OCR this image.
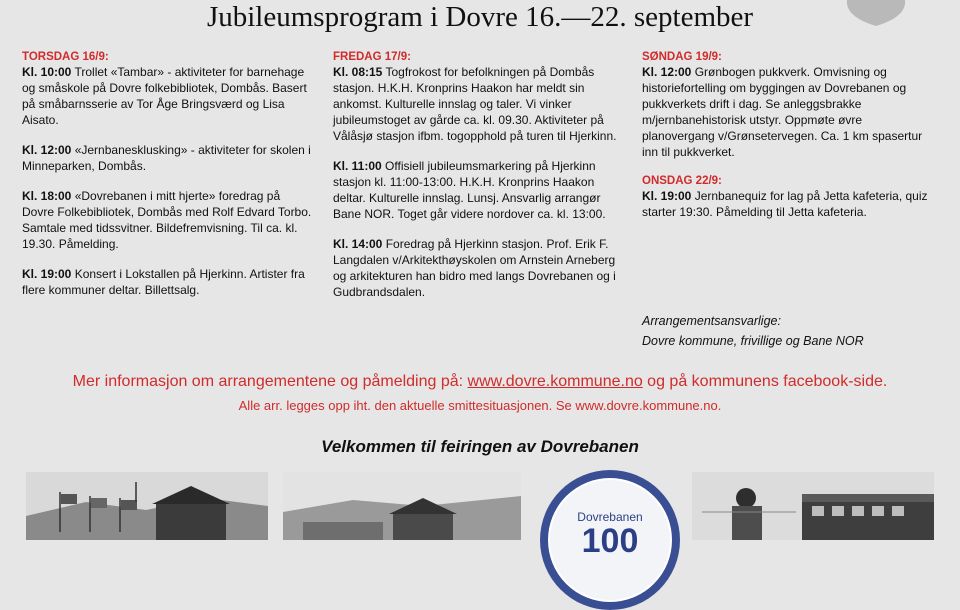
Jubileumsprogram i Dovre 16.—22. september
TORSDAG 16/9:
Kl. 10:00 Trollet «Tambar» - aktiviteter for barnehage og småskole på Dovre folkebibliotek, Dombås. Basert på småbarnsserie av Tor Åge Bringsværd og Lisa Aisato.
Kl. 12:00 «Jernbanesklusking» - aktiviteter for skolen i Minneparken, Dombås.
Kl. 18:00 «Dovrebanen i mitt hjerte» foredrag på Dovre Folkebibliotek, Dombås med Rolf Edvard Torbo. Samtale med tidssvitner. Bildefremvisning. Til ca. kl. 19.30. Påmelding.
Kl. 19:00 Konsert i Lokstallen på Hjerkinn. Artister fra flere kommuner deltar. Billettsalg.
FREDAG 17/9:
Kl. 08:15 Togfrokost for befolkningen på Dombås stasjon. H.K.H. Kronprins Haakon har meldt sin ankomst. Kulturelle innslag og taler. Vi vinker jubileumstoget av gårde ca. kl. 09.30. Aktiviteter på Vålåsjø stasjon ifbm. togopphold på turen til Hjerkinn.
Kl. 11:00 Offisiell jubileumsmarkering på Hjerkinn stasjon kl. 11:00-13:00. H.K.H. Kronprins Haakon deltar. Kulturelle innslag. Lunsj. Ansvarlig arrangør Bane NOR. Toget går videre nordover ca. kl. 13:00.
Kl. 14:00 Foredrag på Hjerkinn stasjon. Prof. Erik F. Langdalen v/Arkitekthøyskolen om Arnstein Arneberg og arkitekturen han bidro med langs Dovrebanen og i Gudbrandsdalen.
SØNDAG 19/9:
Kl. 12:00 Grønbogen pukkverk. Omvisning og historiefortelling om byggingen av Dovrebanen og pukkverkets drift i dag. Se anleggsbrakke m/jernbanehistorisk utstyr. Oppmøte øvre planovergang v/Grønsetervegen. Ca. 1 km spasertur inn til pukkverket.
ONSDAG 22/9:
Kl. 19:00 Jernbanequiz for lag på Jetta kafeteria, quiz starter 19:30. Påmelding til Jetta kafeteria.
Arrangementsansvarlige:
Dovre kommune, frivillige og Bane NOR
Mer informasjon om arrangementene og påmelding på: www.dovre.kommune.no og på kommunens facebook-side.
Alle arr. legges opp iht. den aktuelle smittesituasjonen. Se www.dovre.kommune.no.
Velkommen til feiringen av Dovrebanen
Dovrebanen
100
